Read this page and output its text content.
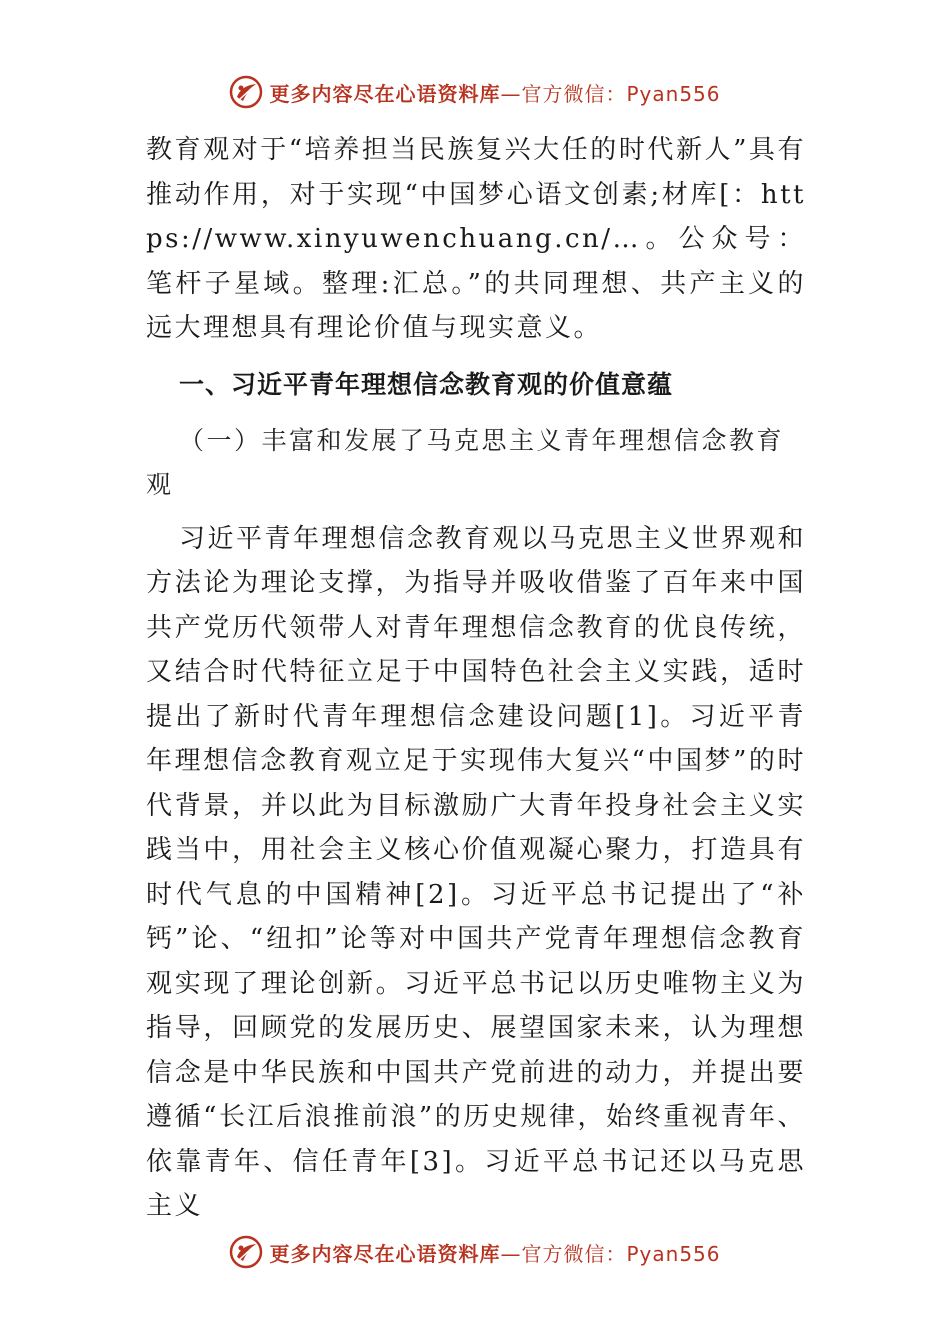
更多内容尽在心语资料库—官方微信：Pyan556

教育观对于“培养担当民族复兴大任的时代新人”具有推动作用，对于实现“中国梦心语文创素;材库[：https://www.xinyuwenchuang.cn/…。公众号：笔杆子星域。整理:汇总。”的共同理想、共产主义的远大理想具有理论价值与现实意义。

一、习近平青年理想信念教育观的价值意蕴

（一）丰富和发展了马克思主义青年理想信念教育观

习近平青年理想信念教育观以马克思主义世界观和方法论为理论支撑，为指导并吸收借鉴了百年来中国共产党历代领带人对青年理想信念教育的优良传统，又结合时代特征立足于中国特色社会主义实践，适时提出了新时代青年理想信念建设问题[1]。习近平青年理想信念教育观立足于实现伟大复兴“中国梦”的时代背景，并以此为目标激励广大青年投身社会主义实践当中，用社会主义核心价值观凝心聚力，打造具有时代气息的中国精神[2]。习近平总书记提出了“补钙”论、“纽扣”论等对中国共产党青年理想信念教育观实现了理论创新。习近平总书记以历史唯物主义为指导，回顾党的发展历史、展望国家未来，认为理想信念是中华民族和中国共产党前进的动力，并提出要遵循“长江后浪推前浪”的历史规律，始终重视青年、依靠青年、信任青年[3]。习近平总书记还以马克思主义

更多内容尽在心语资料库—官方微信：Pyan556
